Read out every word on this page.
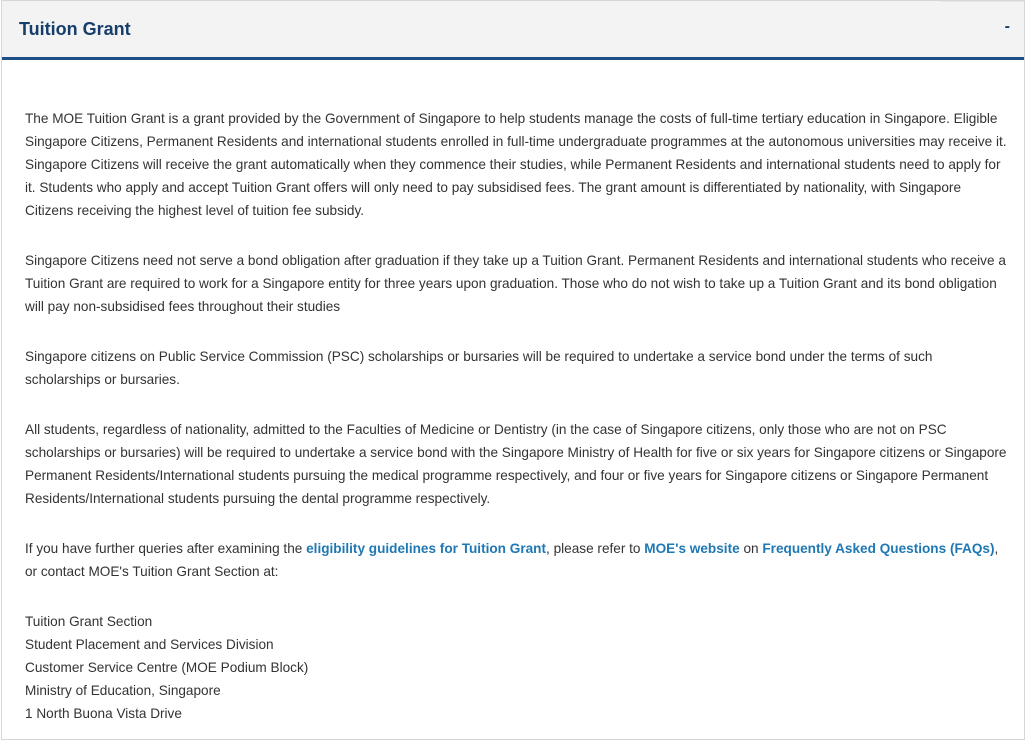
Tuition Grant	-

The MOE Tuition Grant is a grant provided by the Government of Singapore to help students manage the costs of full-time tertiary education in Singapore. Eligible Singapore Citizens, Permanent Residents and international students enrolled in full-time undergraduate programmes at the autonomous universities may receive it. Singapore Citizens will receive the grant automatically when they commence their studies, while Permanent Residents and international students need to apply for it. Students who apply and accept Tuition Grant offers will only need to pay subsidised fees. The grant amount is differentiated by nationality, with Singapore Citizens receiving the highest level of tuition fee subsidy.

Singapore Citizens need not serve a bond obligation after graduation if they take up a Tuition Grant. Permanent Residents and international students who receive a Tuition Grant are required to work for a Singapore entity for three years upon graduation. Those who do not wish to take up a Tuition Grant and its bond obligation will pay non-subsidised fees throughout their studies

Singapore citizens on Public Service Commission (PSC) scholarships or bursaries will be required to undertake a service bond under the terms of such scholarships or bursaries.

All students, regardless of nationality, admitted to the Faculties of Medicine or Dentistry (in the case of Singapore citizens, only those who are not on PSC scholarships or bursaries) will be required to undertake a service bond with the Singapore Ministry of Health for five or six years for Singapore citizens or Singapore Permanent Residents/International students pursuing the medical programme respectively, and four or five years for Singapore citizens or Singapore Permanent Residents/International students pursuing the dental programme respectively.

If you have further queries after examining the eligibility guidelines for Tuition Grant, please refer to MOE's website on Frequently Asked Questions (FAQs), or contact MOE's Tuition Grant Section at:

Tuition Grant Section
Student Placement and Services Division
Customer Service Centre (MOE Podium Block)
Ministry of Education, Singapore
1 North Buona Vista Drive
